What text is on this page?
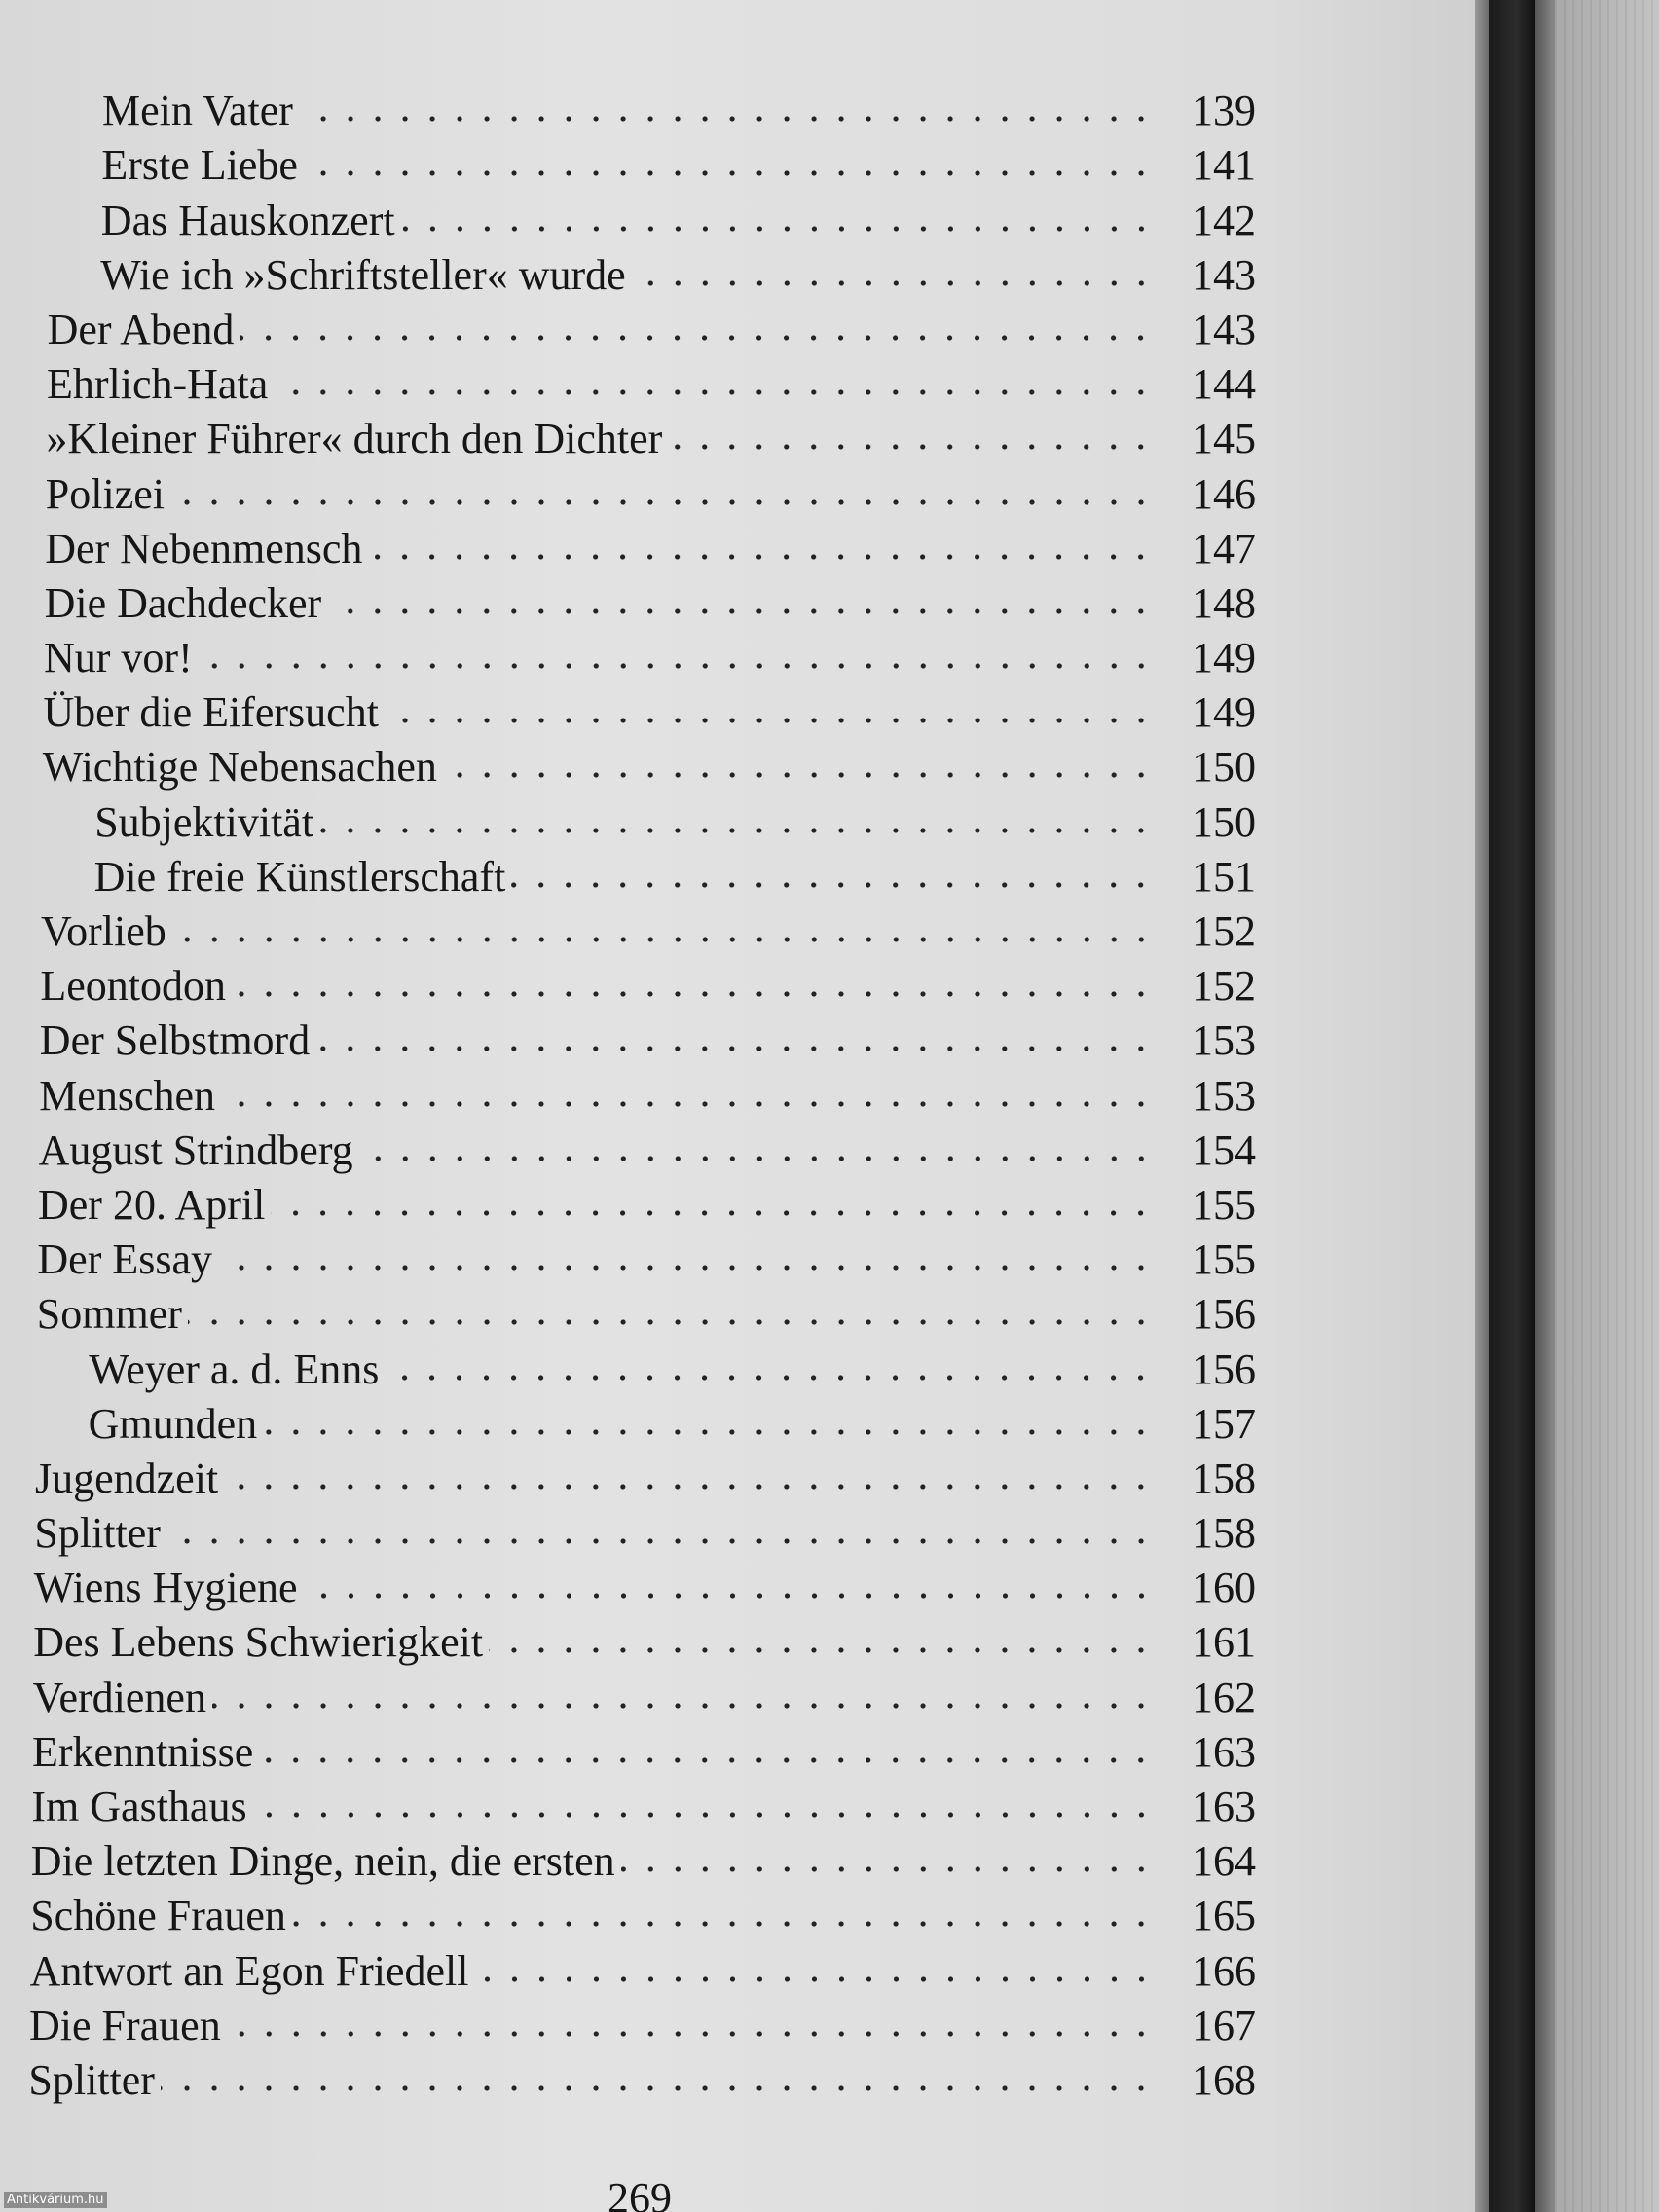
Mein Vater	139
Erste Liebe	141
Das Hauskonzert	142
Wie ich »Schriftsteller« wurde	143
Der Abend	143
Ehrlich-Hata	144
»Kleiner Führer« durch den Dichter	145
Polizei	146
Der Nebenmensch	147
Die Dachdecker	148
Nur vor!	149
Über die Eifersucht	149
Wichtige Nebensachen	150
Subjektivität	150
Die freie Künstlerschaft	151
Vorlieb	152
Leontodon	152
Der Selbstmord	153
Menschen	153
August Strindberg	154
Der 20. April	155
Der Essay	155
Sommer	156
Weyer a. d. Enns	156
Gmunden	157
Jugendzeit	158
Splitter	158
Wiens Hygiene	160
Des Lebens Schwierigkeit	161
Verdienen	162
Erkenntnisse	163
Im Gasthaus	163
Die letzten Dinge, nein, die ersten	164
Schöne Frauen	165
Antwort an Egon Friedell	166
Die Frauen	167
Splitter	168
269
Antikvárium.hu
